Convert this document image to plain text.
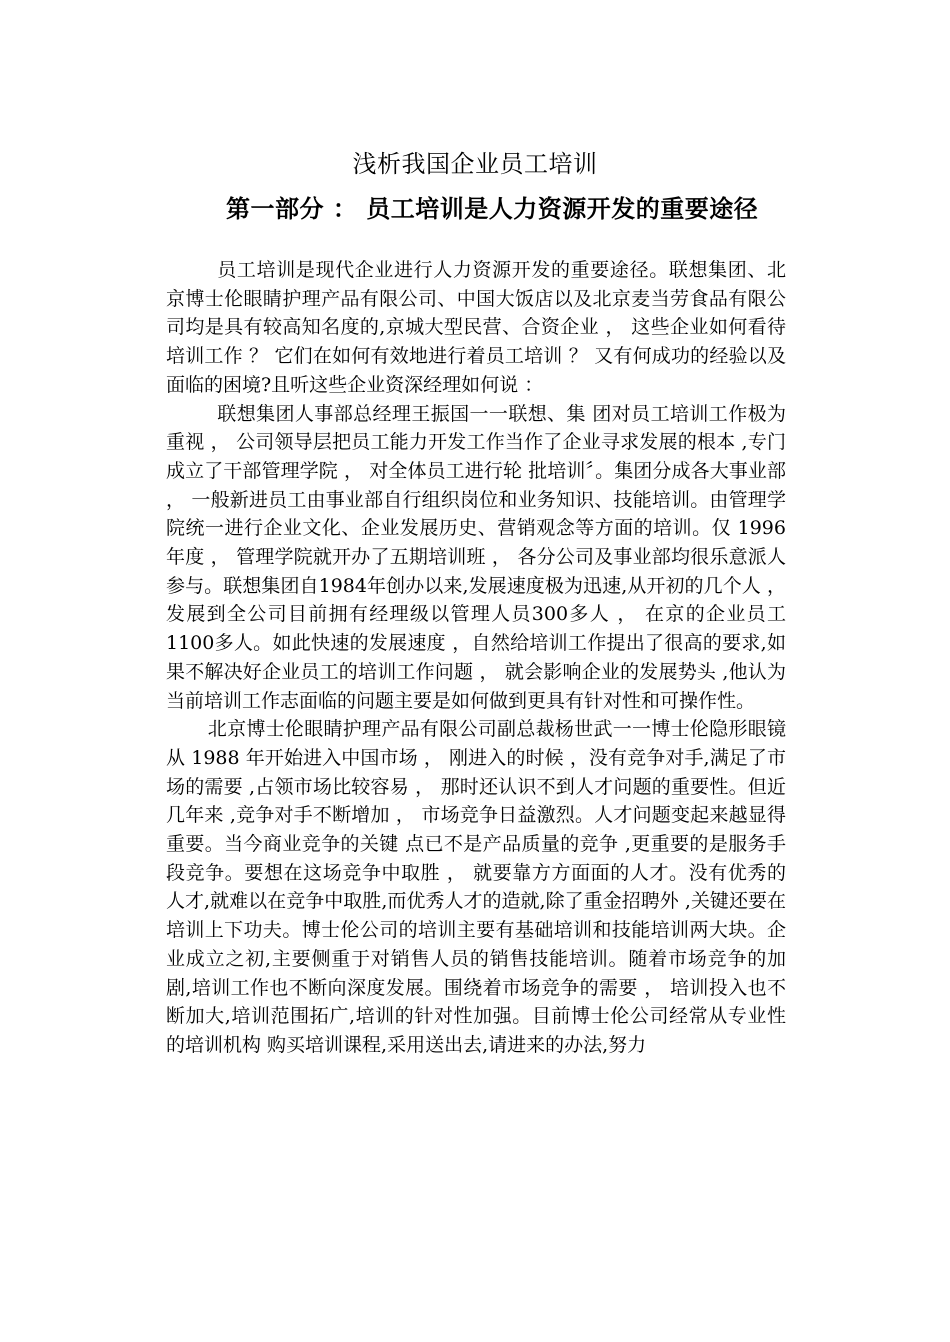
浅析我国企业员工培训
第一部分 ： 员工培训是人力资源开发的重要途径

员工培训是现代企业进行人力资源开发的重要途径。联想集团、北京博士伦眼睛护理产品有限公司、中国大饭店以及北京麦当劳食品有限公司均是具有较高知名度的,京城大型民营、合资企业 ， 这些企业如何看待培训工作 ？ 它们在如何有效地进行着员工培训 ？ 又有何成功的经验以及面临的困境?且听这些企业资深经理如何说 ：

联想集团人事部总经理王振国一一联想、集 团对员工培训工作极为重视 ， 公司领导层把员工能力开发工作当作了企业寻求发展的根本 ,专门成立了干部管理学院 ， 对全体员工进行轮 批培训〞。集团分成各大事业部 ， 一般新进员工由事业部自行组织岗位和业务知识、技能培训。由管理学院统一进行企业文化、企业发展历史、营销观念等方面的培训。仅 1996 年度 ， 管理学院就开办了五期培训班 ， 各分公司及事业部均很乐意派人参与。联想集团自1984年创办以来,发展速度极为迅速,从开初的几个人 ， 发展到全公司目前拥有经理级以管理人员300多人 ， 在京的企业员工 1100多人。如此快速的发展速度 ，自然给培训工作提出了很高的要求,如果不解决好企业员工的培训工作问题 ， 就会影响企业的发展势头 ,他认为当前培训工作志面临的问题主要是如何做到更具有针对性和可操作性。

北京博士伦眼睛护理产品有限公司副总裁杨世武一一博士伦隐形眼镜从 1988 年开始进入中国市场 ， 刚进入的时候 ，没有竞争对手,满足了市场的需要 ,占领市场比较容易 ， 那时还认识不到人才问题的重要性。但近几年来 ,竞争对手不断增加 ， 市场竞争日益激烈。人才问题变起来越显得重要。当今商业竞争的关键 点已不是产品质量的竞争 ,更重要的是服务手段竞争。要想在这场竞争中取胜 ， 就要靠方方面面的人才。没有优秀的人才,就难以在竞争中取胜,而优秀人才的造就,除了重金招聘外 ,关键还要在培训上下功夫。博士伦公司的培训主要有基础培训和技能培训两大块。企业成立之初,主要侧重于对销售人员的销售技能培训。随着市场竞争的加剧,培训工作也不断向深度发展。围绕着市场竞争的需要 ， 培训投入也不断加大,培训范围拓广,培训的针对性加强。目前博士伦公司经常从专业性的培训机构 购买培训课程,采用送出去,请进来的办法,努力
